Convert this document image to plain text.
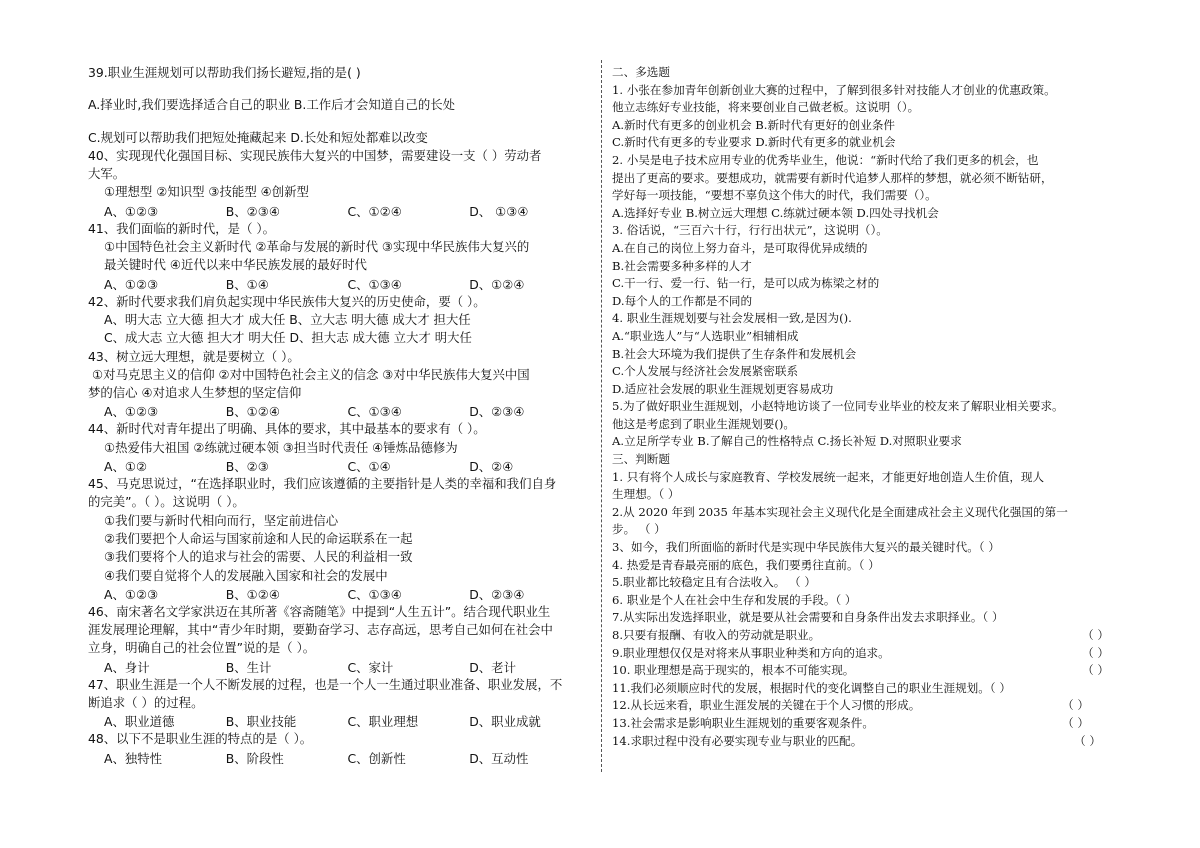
39.职业生涯规划可以帮助我们扬长避短,指的是( )
A.择业时,我们要选择适合自己的职业 B.工作后才会知道自己的长处
C.规划可以帮助我们把短处掩藏起来 D.长处和短处都难以改变
40、实现现代化强国目标、实现民族伟大复兴的中国梦，需要建设一支（ ）劳动者
大军。
①理想型 ②知识型 ③技能型 ④创新型
A、①②③	B、②③④	C、①②④	D、 ①③④
41、我们面临的新时代，是（ ）。
①中国特色社会主义新时代 ②革命与发展的新时代 ③实现中华民族伟大复兴的
最关键时代 ④近代以来中华民族发展的最好时代
A、①②③	B、①④	C、①③④	D、①②④
42、新时代要求我们肩负起实现中华民族伟大复兴的历史使命，要（ ）。
A、明大志 立大德 担大才 成大任 B、立大志 明大德 成大才 担大任
C、成大志 立大德 担大才 明大任 D、担大志 成大德 立大才 明大任
43、树立远大理想，就是要树立（ ）。
①对马克思主义的信仰 ②对中国特色社会主义的信念 ③对中华民族伟大复兴中国
梦的信心 ④对追求人生梦想的坚定信仰
A、①②③	B、①②④	C、①③④	D、②③④
44、新时代对青年提出了明确、具体的要求，其中最基本的要求有（ ）。
①热爱伟大祖国 ②练就过硬本领 ③担当时代责任 ④锤炼品德修为
A、①②	B、②③	C、①④	D、②④
45、马克思说过，“在选择职业时，我们应该遵循的主要指针是人类的幸福和我们自身
的完美”。（ ）。这说明（ ）。
①我们要与新时代相向而行，坚定前进信心
②我们要把个人命运与国家前途和人民的命运联系在一起
③我们要将个人的追求与社会的需要、人民的利益相一致
④我们要自觉将个人的发展融入国家和社会的发展中
A、①②③	B、①②④	C、①③④	D、②③④
46、南宋著名文学家洪迈在其所著《容斋随笔》中提到“人生五计”。结合现代职业生
涯发展理论理解，其中“青少年时期，要勤奋学习、志存高远，思考自己如何在社会中
立身，明确自己的社会位置”说的是（ ）。
A、身计	B、生计	C、家计	D、老计
47、职业生涯是一个人不断发展的过程，也是一个人一生通过职业准备、职业发展，不
断追求（ ）的过程。
A、职业道德	B、职业技能	C、职业理想	D、职业成就
48、以下不是职业生涯的特点的是（ ）。
A、独特性	B、阶段性	C、创新性	D、互动性
二、多选题
1. 小张在参加青年创新创业大赛的过程中，了解到很多针对技能人才创业的优惠政策。
他立志练好专业技能，将来要创业自己做老板。这说明（）。
A.新时代有更多的创业机会 B.新时代有更好的创业条件
C.新时代有更多的专业要求 D.新时代有更多的就业机会
2. 小吴是电子技术应用专业的优秀毕业生，他说：“新时代给了我们更多的机会，也
提出了更高的要求。要想成功，就需要有新时代追梦人那样的梦想，就必须不断钻研，
学好每一项技能，“要想不辜负这个伟大的时代，我们需要（）。
A.选择好专业 B.树立远大理想 C.练就过硬本领 D.四处寻找机会
3. 俗话说，“三百六十行，行行出状元”，这说明（）。
A.在自己的岗位上努力奋斗，是可取得优异成绩的
B.社会需要多种多样的人才
C.干一行、爱一行、钻一行，是可以成为栋梁之材的
D.每个人的工作都是不同的
4. 职业生涯规划要与社会发展相一致,是因为().
A.“职业选人”与“人选职业”相辅相成
B.社会大环境为我们提供了生存条件和发展机会
C.个人发展与经济社会发展紧密联系
D.适应社会发展的职业生涯规划更容易成功
5.为了做好职业生涯规划，小赵特地访谈了一位同专业毕业的校友来了解职业相关要求。
他这是考虑到了职业生涯规划要()。
A.立足所学专业 B.了解自己的性格特点 C.扬长补短 D.对照职业要求
三、判断题
1. 只有将个人成长与家庭教育、学校发展统一起来，才能更好地创造人生价值，现人
生理想。（ ）
2.从 2020 年到 2035 年基本实现社会主义现代化是全面建成社会主义现代化强国的第一
步。 （ ）
3、如今，我们所面临的新时代是实现中华民族伟大复兴的最关键时代。（ ）
4. 热爱是青春最亮丽的底色，我们要勇往直前。（ ）
5.职业都比较稳定且有合法收入。 （ ）
6. 职业是个人在社会中生存和发展的手段。（ ）
7.从实际出发选择职业，就是要从社会需要和自身条件出发去求职择业。（ ）
8.只要有报酬、有收入的劳动就是职业。	（ ）
9.职业理想仅仅是对将来从事职业种类和方向的追求。	（ ）
10. 职业理想是高于现实的，根本不可能实现。	（ ）
11.我们必须顺应时代的发展，根据时代的变化调整自己的职业生涯规划。（ ）
12.从长远来看，职业生涯发展的关键在于个人习惯的形成。	（ ）
13.社会需求是影响职业生涯规划的重要客观条件。	（ ）
14.求职过程中没有必要实现专业与职业的匹配。	（ ）
